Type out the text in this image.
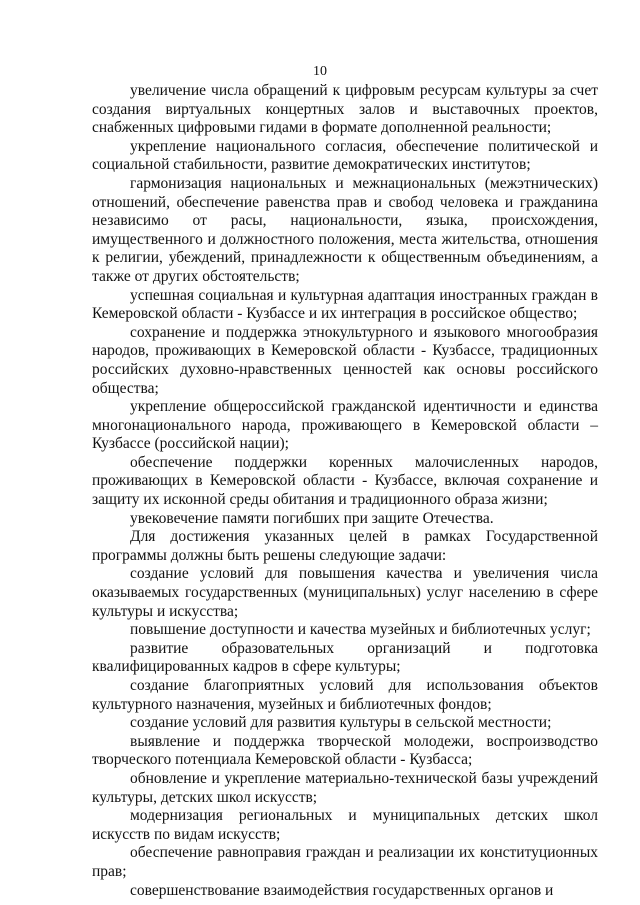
10

увеличение числа обращений к цифровым ресурсам культуры за счет создания виртуальных концертных залов и выставочных проектов, снабженных цифровыми гидами в формате дополненной реальности;

укрепление национального согласия, обеспечение политической и социальной стабильности, развитие демократических институтов;

гармонизация национальных и межнациональных (межэтнических) отношений, обеспечение равенства прав и свобод человека и гражданина независимо от расы, национальности, языка, происхождения, имущественного и должностного положения, места жительства, отношения к религии, убеждений, принадлежности к общественным объединениям, а также от других обстоятельств;

успешная социальная и культурная адаптация иностранных граждан в Кемеровской области - Кузбассе и их интеграция в российское общество;

сохранение и поддержка этнокультурного и языкового многообразия народов, проживающих в Кемеровской области - Кузбассе, традиционных российских духовно-нравственных ценностей как основы российского общества;

укрепление общероссийской гражданской идентичности и единства многонационального народа, проживающего в Кемеровской области – Кузбассе (российской нации);

обеспечение поддержки коренных малочисленных народов, проживающих в Кемеровской области - Кузбассе, включая сохранение и защиту их исконной среды обитания и традиционного образа жизни;

увековечение памяти погибших при защите Отечества.

Для достижения указанных целей в рамках Государственной программы должны быть решены следующие задачи:

создание условий для повышения качества и увеличения числа оказываемых государственных (муниципальных) услуг населению в сфере культуры и искусства;

повышение доступности и качества музейных и библиотечных услуг;

развитие образовательных организаций и подготовка квалифицированных кадров в сфере культуры;

создание благоприятных условий для использования объектов культурного назначения, музейных и библиотечных фондов;

создание условий для развития культуры в сельской местности;

выявление и поддержка творческой молодежи, воспроизводство творческого потенциала Кемеровской области - Кузбасса;

обновление и укрепление материально-технической базы учреждений культуры, детских школ искусств;

модернизация региональных и муниципальных детских школ искусств по видам искусств;

обеспечение равноправия граждан и реализации их конституционных прав;

совершенствование взаимодействия государственных органов и
